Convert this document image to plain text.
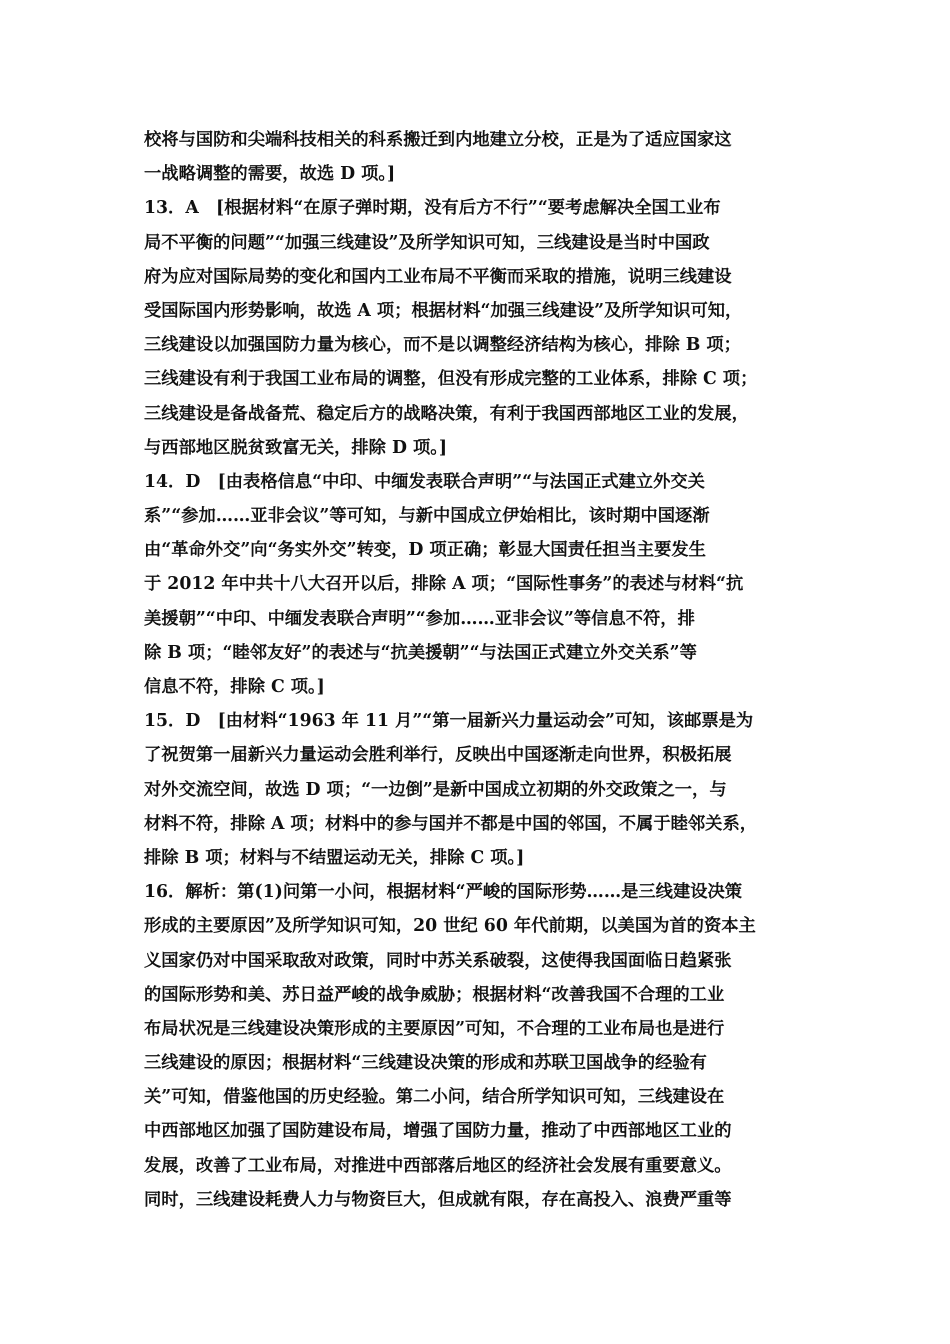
校将与国防和尖端科技相关的科系搬迁到内地建立分校，正是为了适应国家这
一战略调整的需要，故选 D 项。]
13．A　[根据材料“在原子弹时期，没有后方不行”“要考虑解决全国工业布
局不平衡的问题”“加强三线建设”及所学知识可知，三线建设是当时中国政
府为应对国际局势的变化和国内工业布局不平衡而采取的措施，说明三线建设
受国际国内形势影响，故选 A 项；根据材料“加强三线建设”及所学知识可知，
三线建设以加强国防力量为核心，而不是以调整经济结构为核心，排除 B 项；
三线建设有利于我国工业布局的调整，但没有形成完整的工业体系，排除 C 项；
三线建设是备战备荒、稳定后方的战略决策，有利于我国西部地区工业的发展，
与西部地区脱贫致富无关，排除 D 项。]
14．D　[由表格信息“中印、中缅发表联合声明”“与法国正式建立外交关
系”“参加……亚非会议”等可知，与新中国成立伊始相比，该时期中国逐渐
由“革命外交”向“务实外交”转变，D 项正确；彰显大国责任担当主要发生
于 2012 年中共十八大召开以后，排除 A 项；“国际性事务”的表述与材料“抗
美援朝”“中印、中缅发表联合声明”“参加……亚非会议”等信息不符，排
除 B 项；“睦邻友好”的表述与“抗美援朝”“与法国正式建立外交关系”等
信息不符，排除 C 项。]
15．D　[由材料“1963 年 11 月”“第一届新兴力量运动会”可知，该邮票是为
了祝贺第一届新兴力量运动会胜利举行，反映出中国逐渐走向世界，积极拓展
对外交流空间，故选 D 项；“一边倒”是新中国成立初期的外交政策之一，与
材料不符，排除 A 项；材料中的参与国并不都是中国的邻国，不属于睦邻关系，
排除 B 项；材料与不结盟运动无关，排除 C 项。]
16．解析：第(1)问第一小问，根据材料“严峻的国际形势……是三线建设决策
形成的主要原因”及所学知识可知，20 世纪 60 年代前期，以美国为首的资本主
义国家仍对中国采取敌对政策，同时中苏关系破裂，这使得我国面临日趋紧张
的国际形势和美、苏日益严峻的战争威胁；根据材料“改善我国不合理的工业
布局状况是三线建设决策形成的主要原因”可知，不合理的工业布局也是进行
三线建设的原因；根据材料“三线建设决策的形成和苏联卫国战争的经验有
关”可知，借鉴他国的历史经验。第二小问，结合所学知识可知，三线建设在
中西部地区加强了国防建设布局，增强了国防力量，推动了中西部地区工业的
发展，改善了工业布局，对推进中西部落后地区的经济社会发展有重要意义。
同时，三线建设耗费人力与物资巨大，但成就有限，存在高投入、浪费严重等
